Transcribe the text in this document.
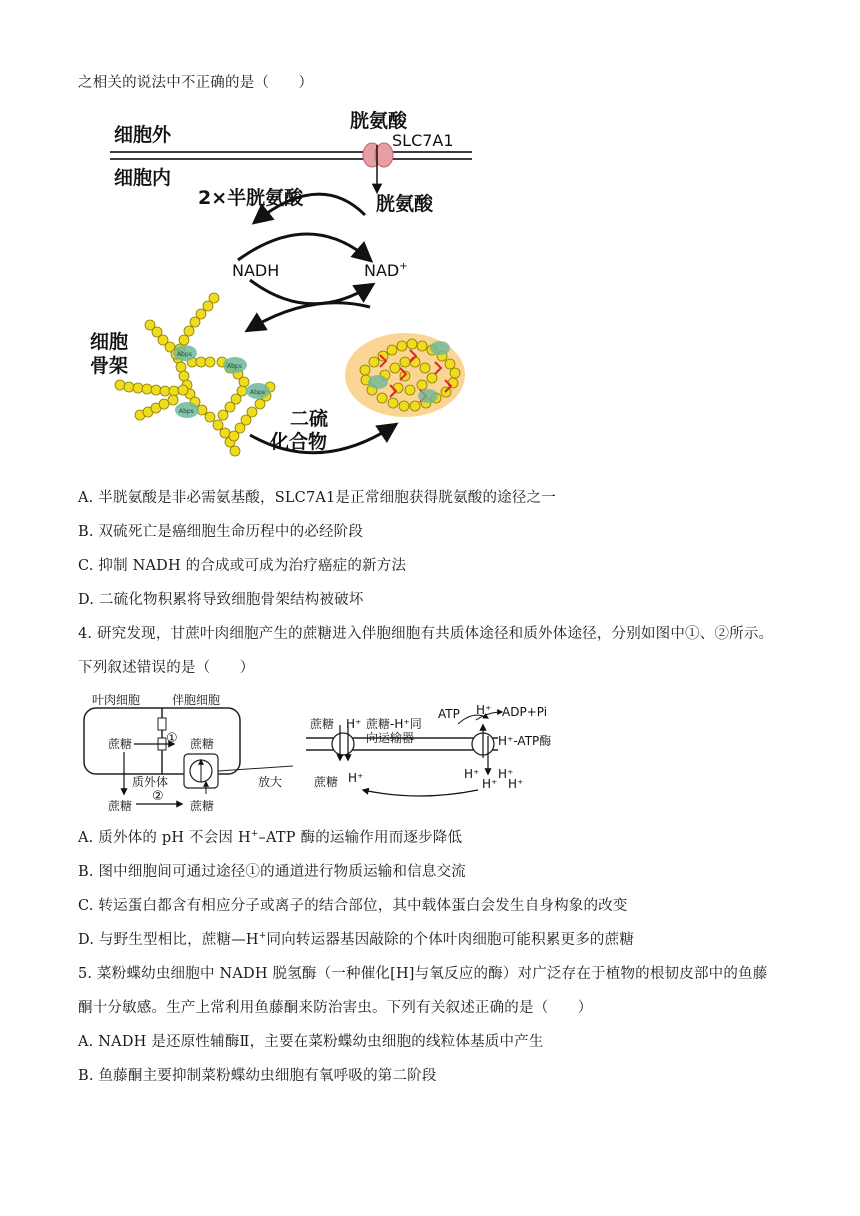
之相关的说法中不正确的是（　　）
细胞外
细胞内
胱氨酸
SLC7A1
胱氨酸
2×半胱氨酸
NADH	NAD+
Abps
Abps
Abps
Abps
细胞
骨架
二硫
化合物
A. 半胱氨酸是非必需氨基酸，SLC7A1是正常细胞获得胱氨酸的途径之一
B. 双硫死亡是癌细胞生命历程中的必经阶段
C. 抑制 NADH 的合成或可成为治疗癌症的新方法
D. 二硫化物积累将导致细胞骨架结构被破坏
4. 研究发现，甘蔗叶肉细胞产生的蔗糖进入伴胞细胞有共质体途径和质外体途径，分别如图中①、②所示。
下列叙述错误的是（　　）
叶肉细胞	伴胞细胞
蔗糖	① 蔗糖
质外体
蔗糖
②
蔗糖
放大
蔗糖 H⁺ 蔗糖-H⁺同
向运输器
ATP H⁺ ADP+Pi
H⁺-ATP酶
蔗糖 H⁺	H⁺ H⁺
H⁺ H⁺
A. 质外体的 pH 不会因 H+–ATP 酶的运输作用而逐步降低
B. 图中细胞间可通过途径①的通道进行物质运输和信息交流
C. 转运蛋白都含有相应分子或离子的结合部位，其中载体蛋白会发生自身构象的改变
D. 与野生型相比，蔗糖—H+同向转运器基因敲除的个体叶肉细胞可能积累更多的蔗糖
5. 菜粉蝶幼虫细胞中 NADH 脱氢酶（一种催化[H]与氧反应的酶）对广泛存在于植物的根韧皮部中的鱼藤
酮十分敏感。生产上常利用鱼藤酮来防治害虫。下列有关叙述正确的是（　　）
A. NADH 是还原性辅酶Ⅱ，主要在菜粉蝶幼虫细胞的线粒体基质中产生
B. 鱼藤酮主要抑制菜粉蝶幼虫细胞有氧呼吸的第二阶段
